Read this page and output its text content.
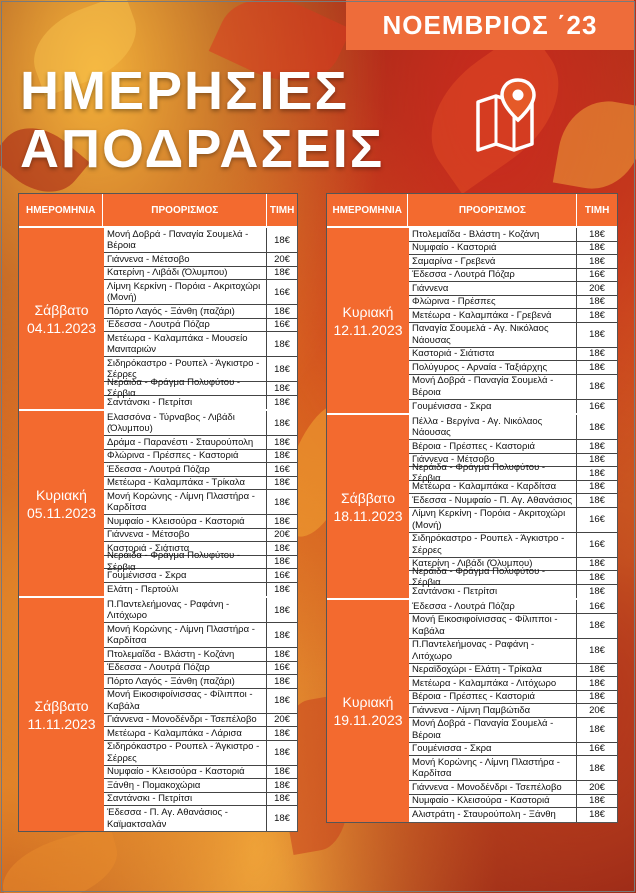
ΝΟΕΜΒΡΙΟΣ ΄23
ΗΜΕΡΗΣΙΕΣ
ΑΠΟΔΡΑΣΕΙΣ
ΗΜΕΡΟΜΗΝΙΑ	ΠΡΟΟΡΙΣΜΟΣ	ΤΙΜΗ
Σάββατο
04.11.2023
Μονή Δοβρά - Παναγία Σουμελά - Βέροια	18€
Γιάννενα - Μέτσοβο	20€
Κατερίνη - Λιβάδι (Όλυμπου)	18€
Λίμνη Κερκίνη - Πορόια - Ακριτοχώρι (Μονή)	16€
Πόρτο Λαγός - Ξάνθη (παζάρι)	18€
Έδεσσα - Λουτρά Πόζαρ	16€
Μετέωρα - Καλαμπάκα - Μουσείο Μανιταριών	18€
Σιδηρόκαστρο - Ρουπελ - Άγκιστρο - Σέρρες	18€
Νεράιδα - Φράγμα Πολυφύτου - Σέρβια	18€
Σαντάνσκι - Πετρίτσι	18€
Κυριακή
05.11.2023
Ελασσόνα - Τύρναβος - Λιβάδι (Όλυμπου)	18€
Δράμα - Παρανέστι - Σταυρούπολη	18€
Φλώρινα - Πρέσπες - Καστοριά	18€
Έδεσσα - Λουτρά Πόζαρ	16€
Μετέωρα - Καλαμπάκα - Τρίκαλα	18€
Μονή Κορώνης - Λίμνη Πλαστήρα - Καρδίτσα	18€
Νυμφαίο - Κλεισούρα - Καστοριά	18€
Γιάννενα - Μέτσοβο	20€
Καστοριά - Σιάτιστα	18€
Νεράιδα - Φράγμα Πολυφύτου - Σέρβια	18€
Γουμένισσα - Σκρα	16€
Ελάτη - Περτούλι	18€
Σάββατο
11.11.2023
Π.Παντελεήμονας - Ραφάνη - Λιτόχωρο	18€
Μονή Κορώνης - Λίμνη Πλαστήρα - Καρδίτσα	18€
Πτολεμαΐδα - Βλάστη - Κοζάνη	18€
Έδεσσα - Λουτρά Πόζαρ	16€
Πόρτο Λαγός - Ξάνθη (παζάρι)	18€
Μονή Εικοσιφοίνισσας - Φίλιπποι - Καβάλα	18€
Γιάννενα - Μονοδένδρι - Τσεπέλοβο	20€
Μετέωρα - Καλαμπάκα - Λάρισα	18€
Σιδηρόκαστρο - Ρουπελ - Άγκιστρο - Σέρρες	18€
Νυμφαίο - Κλεισούρα - Καστοριά	18€
Ξάνθη - Πομακοχώρια	18€
Σαντάνσκι - Πετρίτσι	18€
Έδεσσα - Π. Αγ. Αθανάσιος - Καϊμακτσαλάν	18€
ΗΜΕΡΟΜΗΝΙΑ	ΠΡΟΟΡΙΣΜΟΣ	ΤΙΜΗ
Κυριακή
12.11.2023
Πτολεμαΐδα - Βλάστη - Κοζάνη	18€
Νυμφαίο - Καστοριά	18€
Σαμαρίνα - Γρεβενά	18€
Έδεσσα - Λουτρά Πόζαρ	16€
Γιάννενα	20€
Φλώρινα - Πρέσπες	18€
Μετέωρα - Καλαμπάκα - Γρεβενά	18€
Παναγία Σουμελά - Αγ. Νικόλαος Νάουσας	18€
Καστοριά - Σιάτιστα	18€
Πολύγυρος - Αρναία - Ταξιάρχης	18€
Μονή Δοβρά - Παναγία Σουμελά - Βέροια	18€
Γουμένισσα - Σκρα	16€
Σάββατο
18.11.2023
Πέλλα - Βεργίνα - Αγ. Νικόλαος Νάουσας	18€
Βέροια - Πρέσπες - Καστοριά	18€
Γιάννενα - Μέτσοβο	18€
Νεράιδα - Φράγμα Πολυφύτου - Σέρβια	18€
Μετέωρα - Καλαμπάκα - Καρδίτσα	18€
Έδεσσα - Νυμφαίο - Π. Αγ. Αθανάσιος	18€
Λίμνη Κερκίνη - Πορόια - Ακριτοχώρι (Μονή)	16€
Σιδηρόκαστρο - Ρουπελ - Άγκιστρο - Σέρρες	16€
Κατερίνη - Λιβάδι (Όλυμπου)	18€
Νεράιδα - Φράγμα Πολυφύτου - Σέρβια	18€
Σαντάνσκι - Πετρίτσι	18€
Κυριακή
19.11.2023
Έδεσσα - Λουτρά Πόζαρ	16€
Μονή Εικοσιφοίνισσας - Φίλιπποι - Καβάλα	18€
Π.Παντελεήμονας - Ραφάνη - Λιτόχωρο	18€
Νεραϊδοχώρι - Ελάτη - Τρίκαλα	18€
Μετέωρα - Καλαμπάκα - Λιτόχωρο	18€
Βέροια - Πρέσπες - Καστοριά	18€
Γιάννενα - Λίμνη Παμβώτιδα	20€
Μονή Δοβρά - Παναγία Σουμελά - Βέροια	18€
Γουμένισσα - Σκρα	16€
Μονή Κορώνης - Λίμνη Πλαστήρα - Καρδίτσα	18€
Γιάννενα - Μονοδένδρι - Τσεπέλοβο	20€
Νυμφαίο - Κλεισούρα - Καστοριά	18€
Αλιστράτη - Σταυρούπολη - Ξάνθη	18€
